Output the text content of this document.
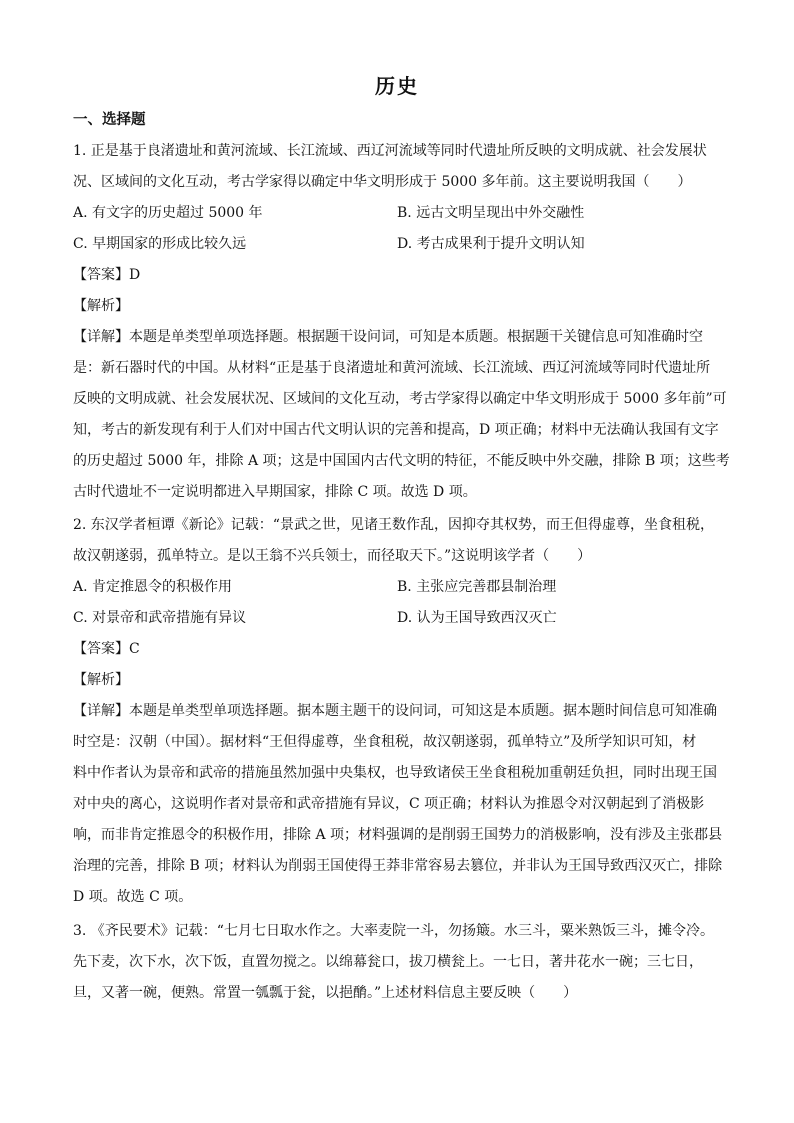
历史
一、选择题
1. 正是基于良渚遗址和黄河流域、长江流域、西辽河流域等同时代遗址所反映的文明成就、社会发展状
况、区域间的文化互动，考古学家得以确定中华文明形成于 5000 多年前。这主要说明我国（　　）
A. 有文字的历史超过 5000 年	B. 远古文明呈现出中外交融性
C. 早期国家的形成比较久远	D. 考古成果利于提升文明认知
【答案】D
【解析】
【详解】本题是单类型单项选择题。根据题干设问词，可知是本质题。根据题干关键信息可知准确时空
是：新石器时代的中国。从材料“正是基于良渚遗址和黄河流域、长江流域、西辽河流域等同时代遗址所
反映的文明成就、社会发展状况、区域间的文化互动，考古学家得以确定中华文明形成于 5000 多年前”可
知，考古的新发现有利于人们对中国古代文明认识的完善和提高，D 项正确；材料中无法确认我国有文字
的历史超过 5000 年，排除 A 项；这是中国国内古代文明的特征，不能反映中外交融，排除 B 项；这些考
古时代遗址不一定说明都进入早期国家，排除 C 项。故选 D 项。
2. 东汉学者桓谭《新论》记载：“景武之世，见诸王数作乱，因抑夺其权势，而王但得虚尊，坐食租税，
故汉朝遂弱，孤单特立。是以王翁不兴兵领士，而径取天下。”这说明该学者（　　）
A. 肯定推恩令的积极作用	B. 主张应完善郡县制治理
C. 对景帝和武帝措施有异议	D. 认为王国导致西汉灭亡
【答案】C
【解析】
【详解】本题是单类型单项选择题。据本题主题干的设问词，可知这是本质题。据本题时间信息可知准确
时空是：汉朝（中国）。据材料“王但得虚尊，坐食租税，故汉朝遂弱，孤单特立”及所学知识可知，材
料中作者认为景帝和武帝的措施虽然加强中央集权，也导致诸侯王坐食租税加重朝廷负担，同时出现王国
对中央的离心，这说明作者对景帝和武帝措施有异议，C 项正确；材料认为推恩令对汉朝起到了消极影
响，而非肯定推恩令的积极作用，排除 A 项；材料强调的是削弱王国势力的消极影响，没有涉及主张郡县
治理的完善，排除 B 项；材料认为削弱王国使得王莽非常容易去篡位，并非认为王国导致西汉灭亡，排除
D 项。故选 C 项。
3. 《齐民要术》记载：“七月七日取水作之。大率麦院一斗，勿扬簸。水三斗，粟米熟饭三斗，摊令冷。
先下麦，次下水，次下饭，直置勿搅之。以绵幕瓮口，拔刀横瓮上。一七日，著井花水一碗；三七日，
旦，又著一碗，便熟。常置一瓠瓢于瓮，以挹酳。”上述材料信息主要反映（　　）
